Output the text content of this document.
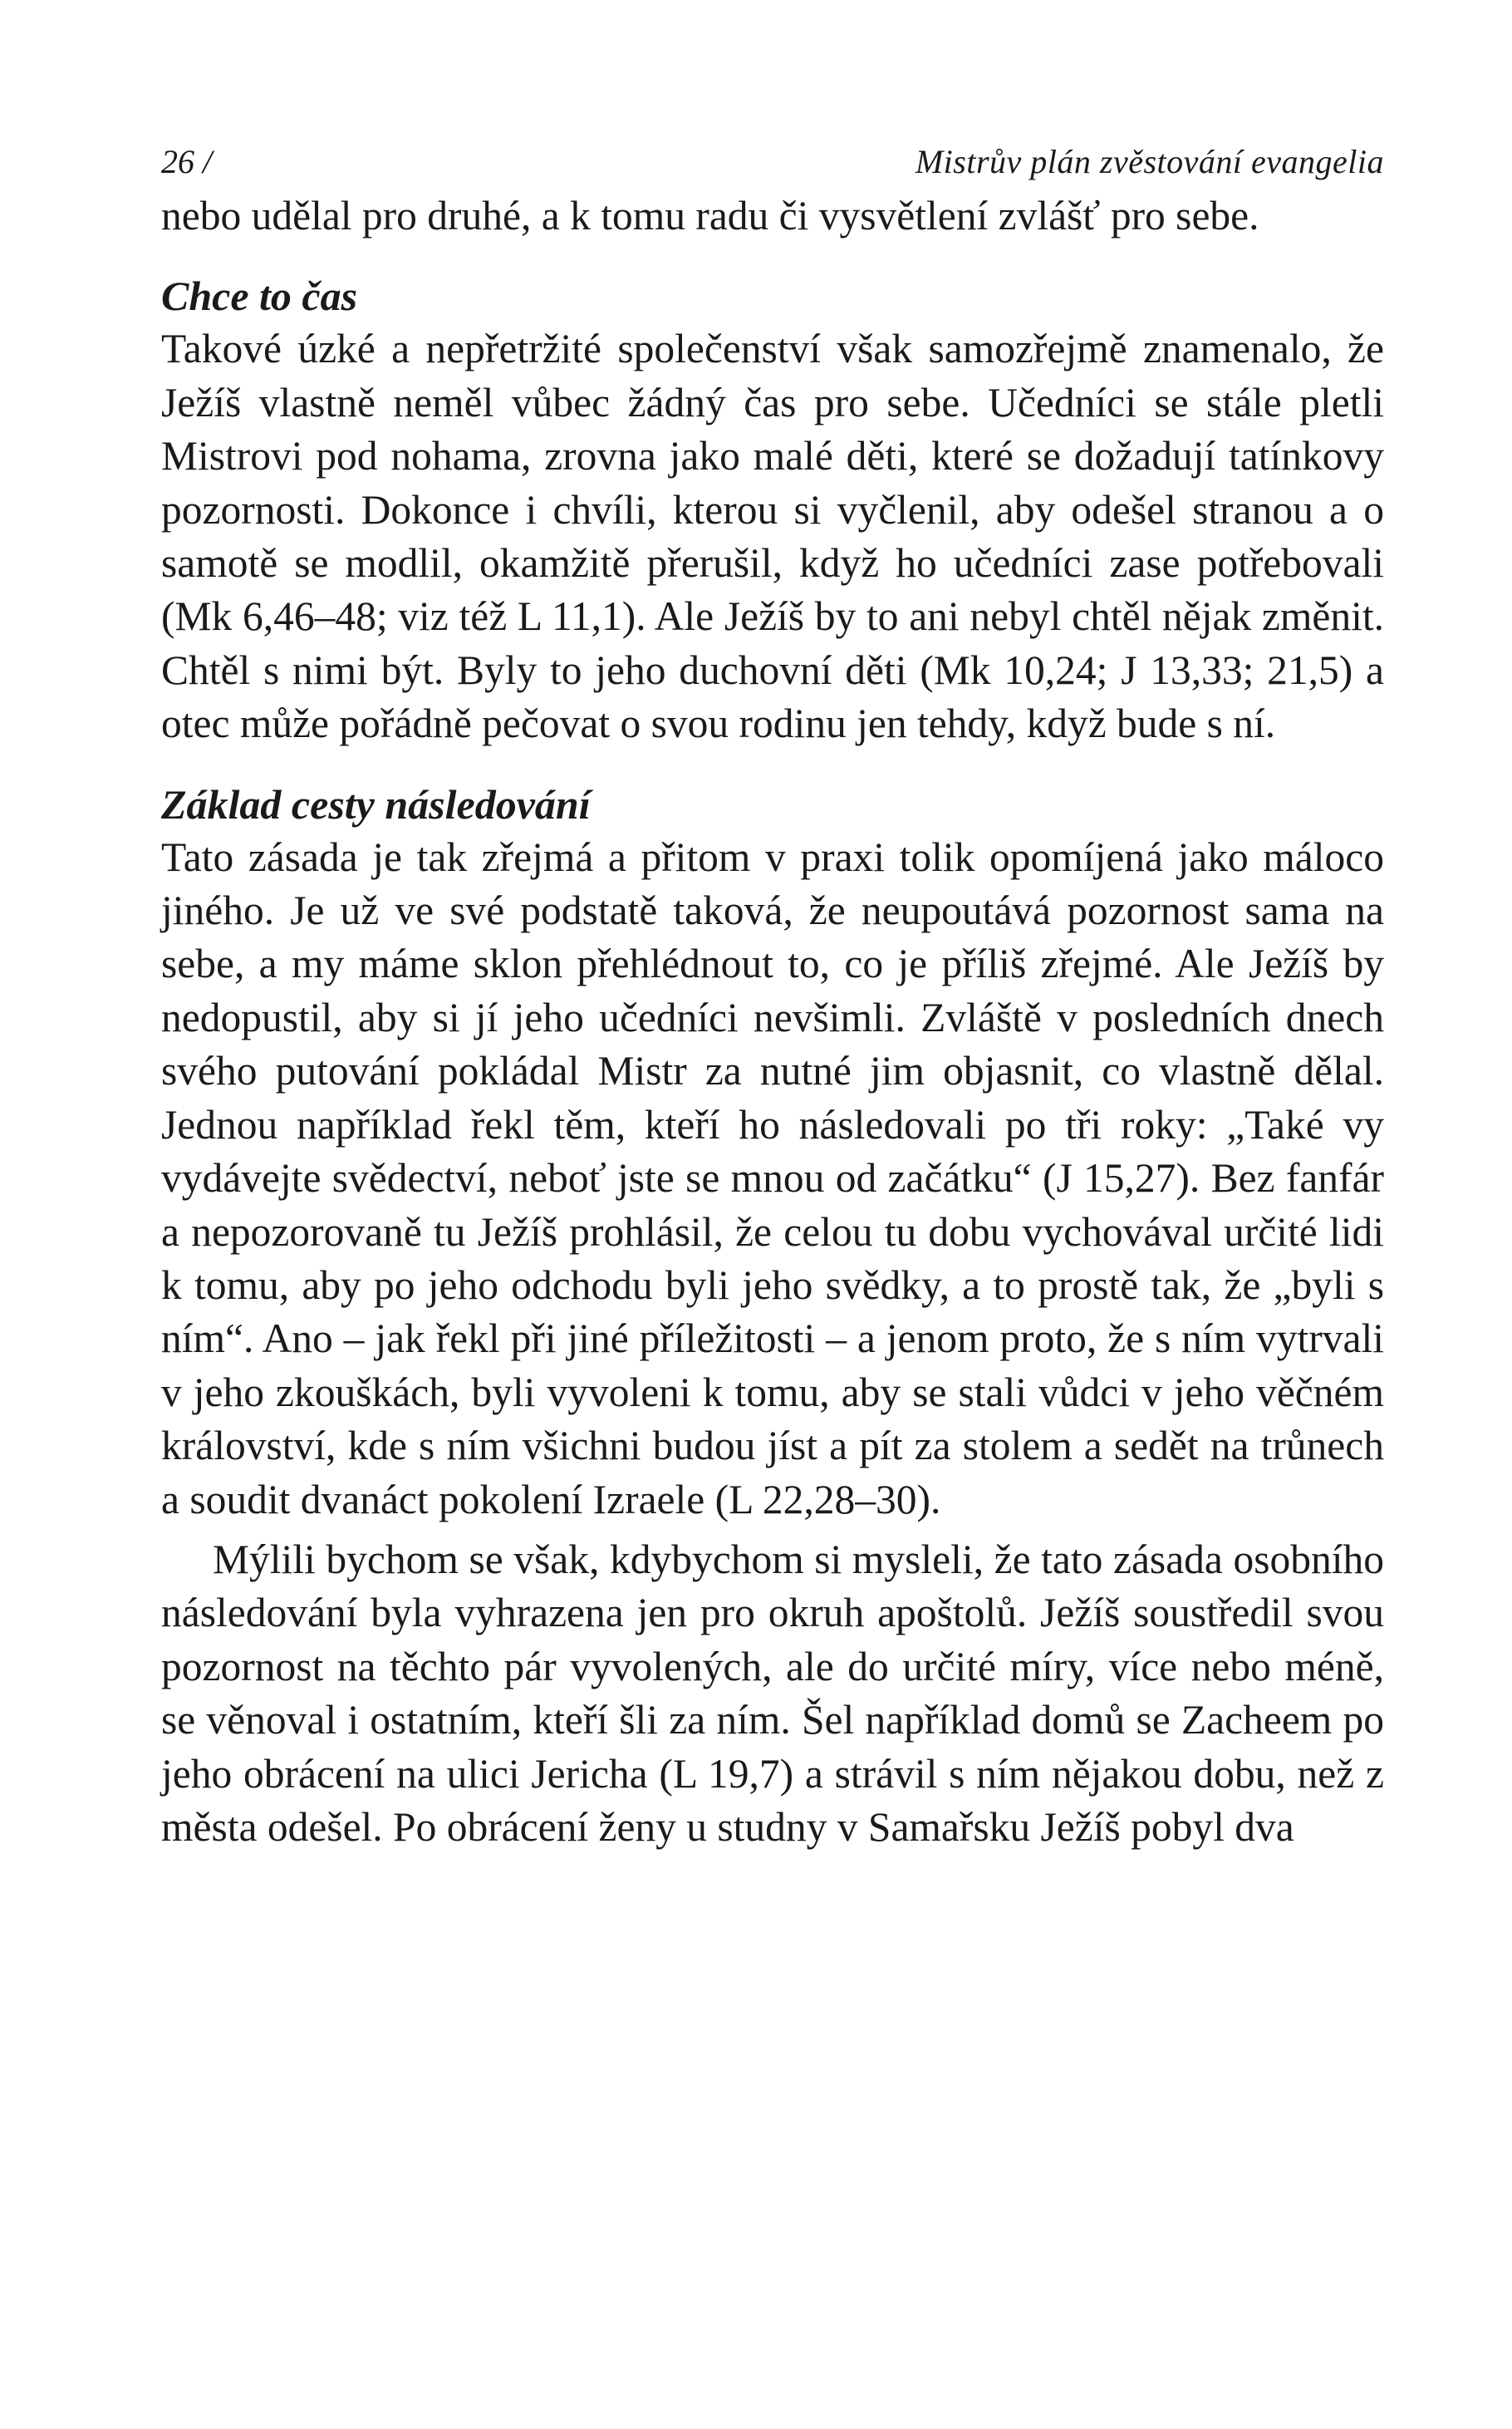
26 /	Mistrův plán zvěstování evangelia

nebo udělal pro druhé, a k tomu radu či vysvětlení zvlášť pro sebe.

Chce to čas

Takové úzké a nepřetržité společenství však samozřejmě znamenalo, že Ježíš vlastně neměl vůbec žádný čas pro sebe. Učedníci se stále pletli Mistrovi pod nohama, zrovna jako malé děti, které se dožadují tatínkovy pozornosti. Dokonce i chvíli, kterou si vyčlenil, aby odešel stranou a o samotě se modlil, okamžitě přerušil, když ho učedníci zase potřebovali (Mk 6,46–48; viz též L 11,1). Ale Ježíš by to ani nebyl chtěl nějak změnit. Chtěl s nimi být. Byly to jeho duchovní děti (Mk 10,24; J 13,33; 21,5) a otec může pořádně pečovat o svou rodinu jen tehdy, když bude s ní.

Základ cesty následování

Tato zásada je tak zřejmá a přitom v praxi tolik opomíjená jako máloco jiného. Je už ve své podstatě taková, že neupoutává pozornost sama na sebe, a my máme sklon přehlédnout to, co je příliš zřejmé. Ale Ježíš by nedopustil, aby si jí jeho učedníci nevšimli. Zvláště v posledních dnech svého putování pokládal Mistr za nutné jim objasnit, co vlastně dělal. Jednou například řekl těm, kteří ho následovali po tři roky: „Také vy vydávejte svědectví, neboť jste se mnou od začátku“ (J 15,27). Bez fanfár a nepozorovaně tu Ježíš prohlásil, že celou tu dobu vychovával určité lidi k tomu, aby po jeho odchodu byli jeho svědky, a to prostě tak, že „byli s ním“. Ano – jak řekl při jiné příležitosti – a jenom proto, že s ním vytrvali v jeho zkouškách, byli vyvoleni k tomu, aby se stali vůdci v jeho věčném království, kde s ním všichni budou jíst a pít za stolem a sedět na trůnech a soudit dvanáct pokolení Izraele (L 22,28–30).

Mýlili bychom se však, kdybychom si mysleli, že tato zásada osobního následování byla vyhrazena jen pro okruh apoštolů. Ježíš soustředil svou pozornost na těchto pár vyvolených, ale do určité míry, více nebo méně, se věnoval i ostatním, kteří šli za ním. Šel například domů se Zacheem po jeho obrácení na ulici Jericha (L 19,7) a strávil s ním nějakou dobu, než z města odešel. Po obrácení ženy u studny v Samařsku Ježíš pobyl dva
